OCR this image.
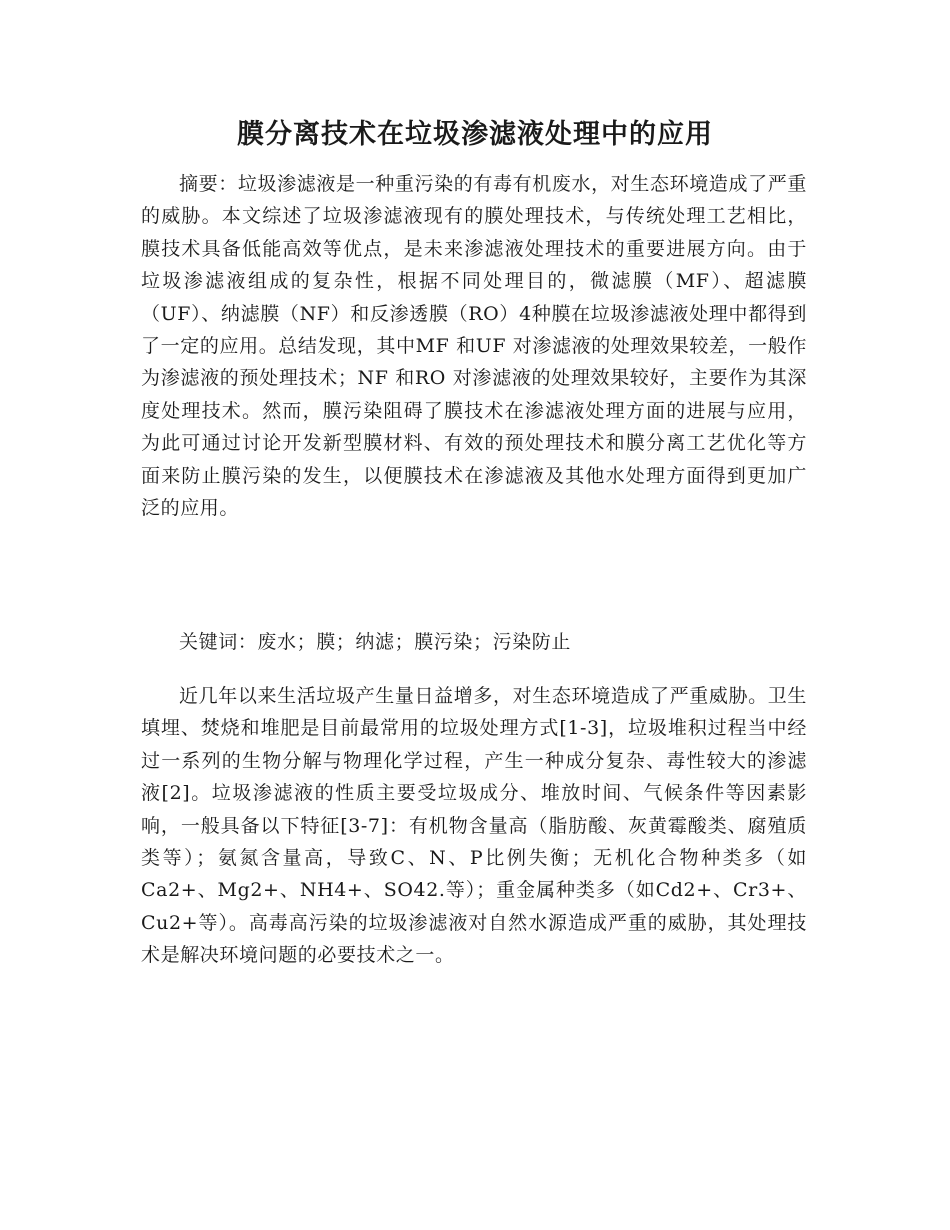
膜分离技术在垃圾渗滤液处理中的应用

摘要：垃圾渗滤液是一种重污染的有毒有机废水，对生态环境造成了严重的威胁。本文综述了垃圾渗滤液现有的膜处理技术，与传统处理工艺相比，膜技术具备低能高效等优点，是未来渗滤液处理技术的重要进展方向。由于垃圾渗滤液组成的复杂性，根据不同处理目的，微滤膜（MF）、超滤膜（UF）、纳滤膜（NF）和反渗透膜（RO）4种膜在垃圾渗滤液处理中都得到了一定的应用。总结发现，其中MF 和UF 对渗滤液的处理效果较差，一般作为渗滤液的预处理技术；NF 和RO 对渗滤液的处理效果较好，主要作为其深度处理技术。然而，膜污染阻碍了膜技术在渗滤液处理方面的进展与应用，为此可通过讨论开发新型膜材料、有效的预处理技术和膜分离工艺优化等方面来防止膜污染的发生，以便膜技术在渗滤液及其他水处理方面得到更加广泛的应用。

关键词：废水；膜；纳滤；膜污染；污染防止

近几年以来生活垃圾产生量日益增多，对生态环境造成了严重威胁。卫生填埋、焚烧和堆肥是目前最常用的垃圾处理方式[1-3]，垃圾堆积过程当中经过一系列的生物分解与物理化学过程，产生一种成分复杂、毒性较大的渗滤液[2]。垃圾渗滤液的性质主要受垃圾成分、堆放时间、气候条件等因素影响，一般具备以下特征[3-7]：有机物含量高（脂肪酸、灰黄霉酸类、腐殖质类等）；氨氮含量高，导致C、N、P比例失衡；无机化合物种类多（如Ca2+、Mg2+、NH4+、SO42.等）；重金属种类多（如Cd2+、Cr3+、Cu2+等）。高毒高污染的垃圾渗滤液对自然水源造成严重的威胁，其处理技术是解决环境问题的必要技术之一。
